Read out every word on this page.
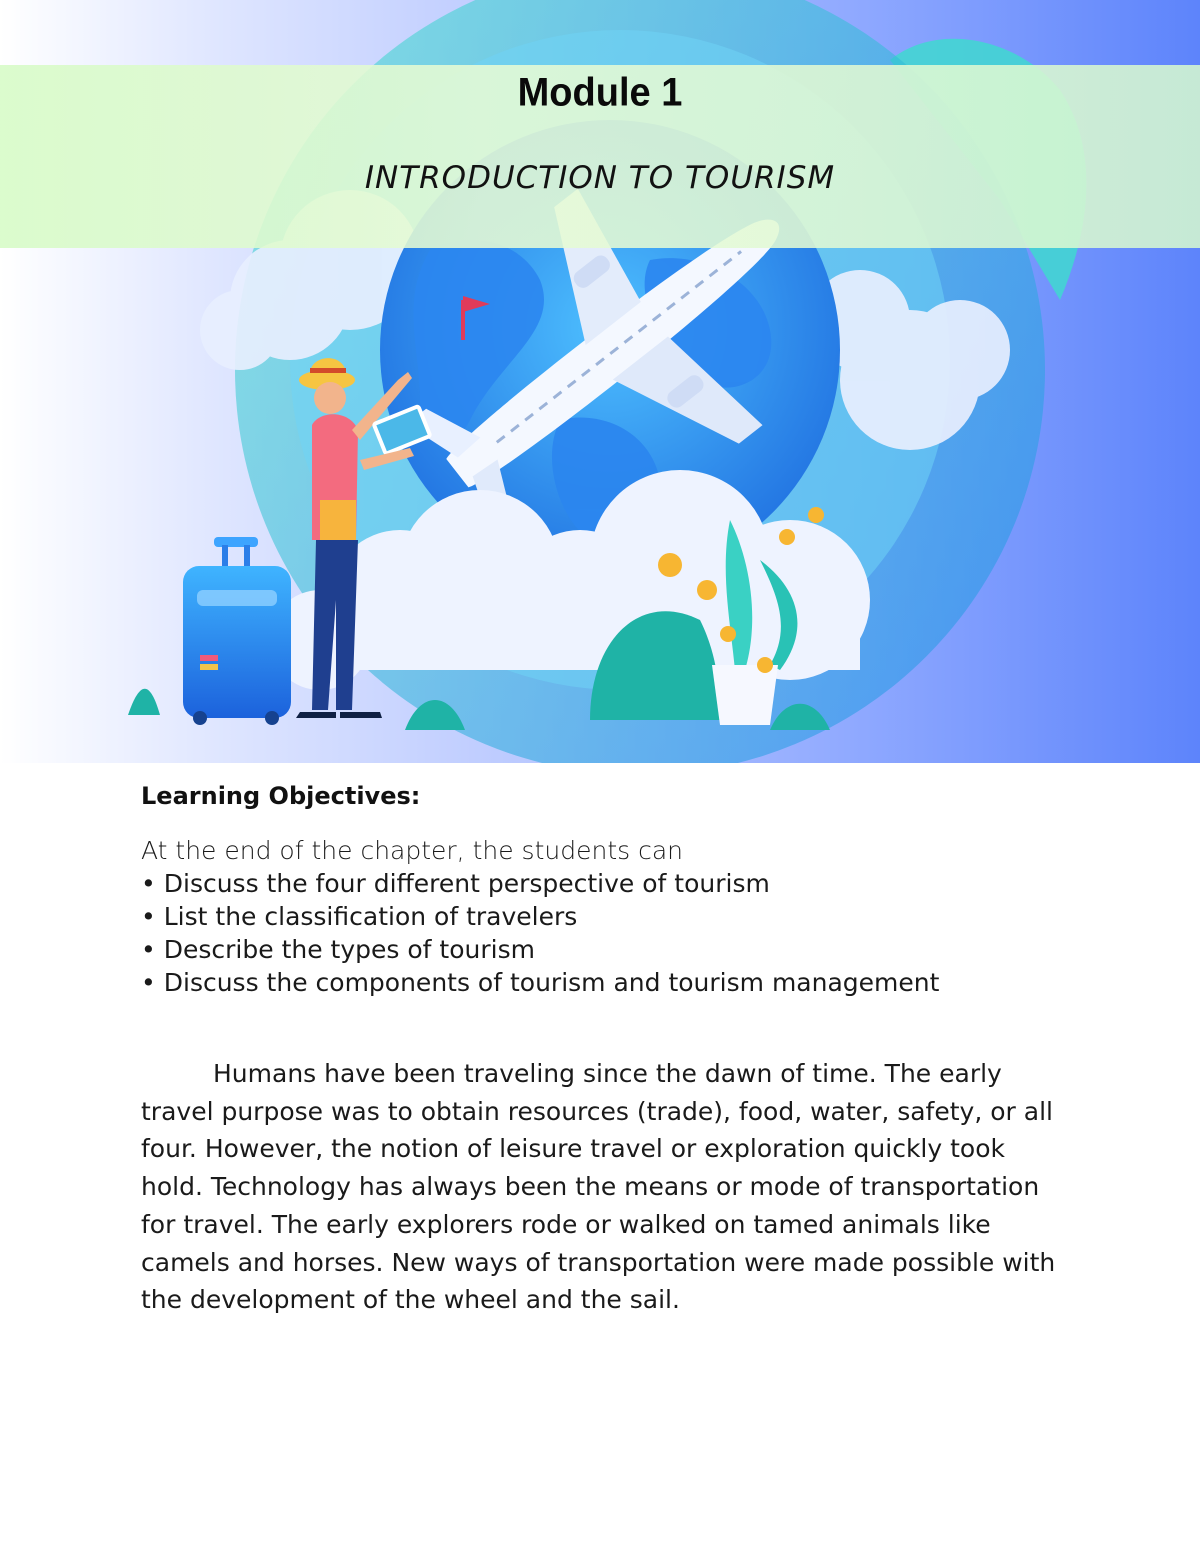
Module 1
INTRODUCTION TO TOURISM
Learning Objectives:
At the end of the chapter, the students can
• Discuss the four different perspective of tourism
• List the classification of travelers
• Describe the types of tourism
• Discuss the components of tourism and tourism management

Humans have been traveling since the dawn of time. The early travel purpose was to obtain resources (trade), food, water, safety, or all four. However, the notion of leisure travel or exploration quickly took hold. Technology has always been the means or mode of transportation for travel. The early explorers rode or walked on tamed animals like camels and horses. New ways of transportation were made possible with the development of the wheel and the sail.
